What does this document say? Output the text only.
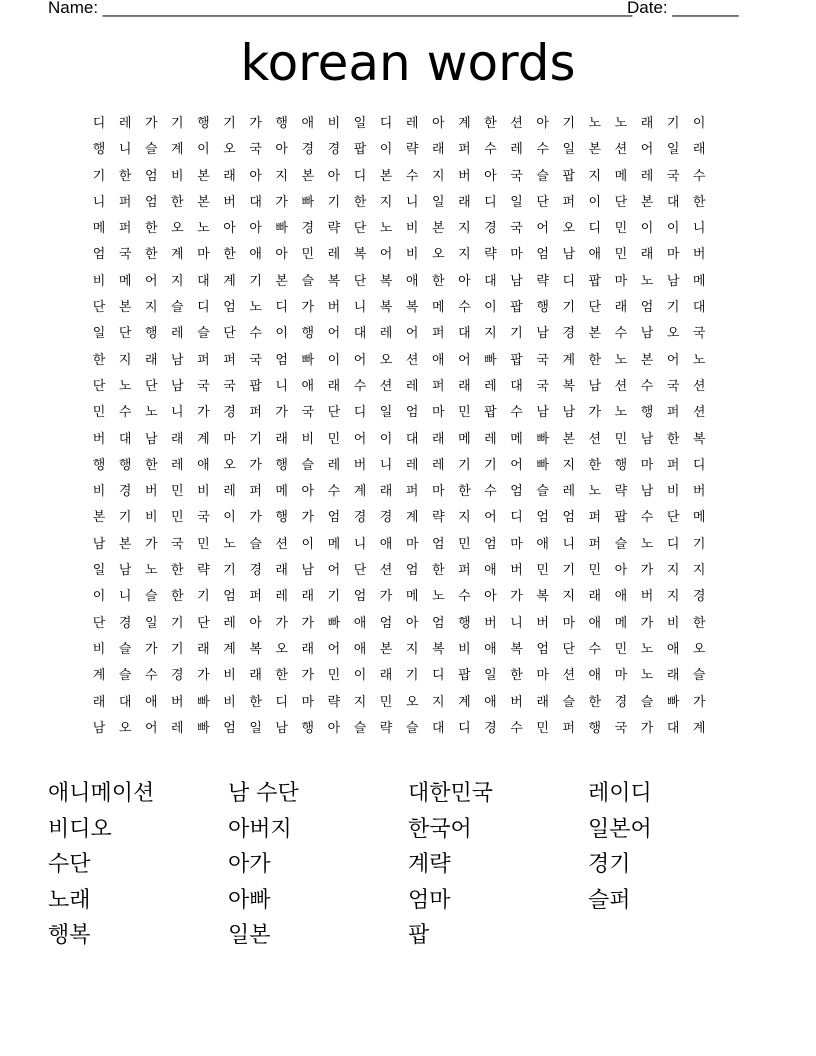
Name: ________________________________________________________
Date: _______
korean words
디	레	가	기	행	기	가	행	애	비	일	디	레	아	계	한	션	아	기	노	노	래	기	이
행	니	슬	계	이	오	국	아	경	경	팝	이	략	래	퍼	수	레	수	일	본	션	어	일	래
기	한	엄	비	본	래	아	지	본	아	디	본	수	지	버	아	국	슬	팝	지	메	레	국	수
니	퍼	엄	한	본	버	대	가	빠	기	한	지	니	일	래	디	일	단	퍼	이	단	본	대	한
메	퍼	한	오	노	아	아	빠	경	략	단	노	비	본	지	경	국	어	오	디	민	이	이	니
엄	국	한	계	마	한	애	아	민	레	복	어	비	오	지	략	마	엄	남	애	민	래	마	버
비	메	어	지	대	계	기	본	슬	복	단	복	애	한	아	대	남	략	디	팝	마	노	남	메
단	본	지	슬	디	엄	노	디	가	버	니	복	복	메	수	이	팝	행	기	단	래	엄	기	대
일	단	행	레	슬	단	수	이	행	어	대	레	어	퍼	대	지	기	남	경	본	수	남	오	국
한	지	래	남	퍼	퍼	국	엄	빠	이	어	오	션	애	어	빠	팝	국	계	한	노	본	어	노
단	노	단	남	국	국	팝	니	애	래	수	션	레	퍼	래	레	대	국	복	남	션	수	국	션
민	수	노	니	가	경	퍼	가	국	단	디	일	엄	마	민	팝	수	남	남	가	노	행	퍼	션
버	대	남	래	계	마	기	래	비	민	어	이	대	래	메	레	메	빠	본	션	민	남	한	복
행	행	한	레	애	오	가	행	슬	레	버	니	레	레	기	기	어	빠	지	한	행	마	퍼	디
비	경	버	민	비	레	퍼	메	아	수	계	래	퍼	마	한	수	엄	슬	레	노	략	남	비	버
본	기	비	민	국	이	가	행	가	엄	경	경	계	략	지	어	디	엄	엄	퍼	팝	수	단	메
남	본	가	국	민	노	슬	션	이	메	니	애	마	엄	민	엄	마	애	니	퍼	슬	노	디	기
일	남	노	한	략	기	경	래	남	어	단	션	엄	한	퍼	애	버	민	기	민	아	가	지	지
이	니	슬	한	기	엄	퍼	레	래	기	엄	가	메	노	수	아	가	복	지	래	애	버	지	경
단	경	일	기	단	레	아	가	가	빠	애	엄	아	엄	행	버	니	버	마	애	메	가	비	한
비	슬	가	기	래	계	복	오	래	어	애	본	지	복	비	애	복	엄	단	수	민	노	애	오
계	슬	수	경	가	비	래	한	가	민	이	래	기	디	팝	일	한	마	션	애	마	노	래	슬
래	대	애	버	빠	비	한	디	마	략	지	민	오	지	계	애	버	래	슬	한	경	슬	빠	가
남	오	어	레	빠	엄	일	남	행	아	슬	략	슬	대	디	경	수	민	퍼	행	국	가	대	계
애니메이션	남 수단	대한민국	레이디
비디오	아버지	한국어	일본어
수단	아가	계략	경기
노래	아빠	엄마	슬퍼
행복	일본	팝
